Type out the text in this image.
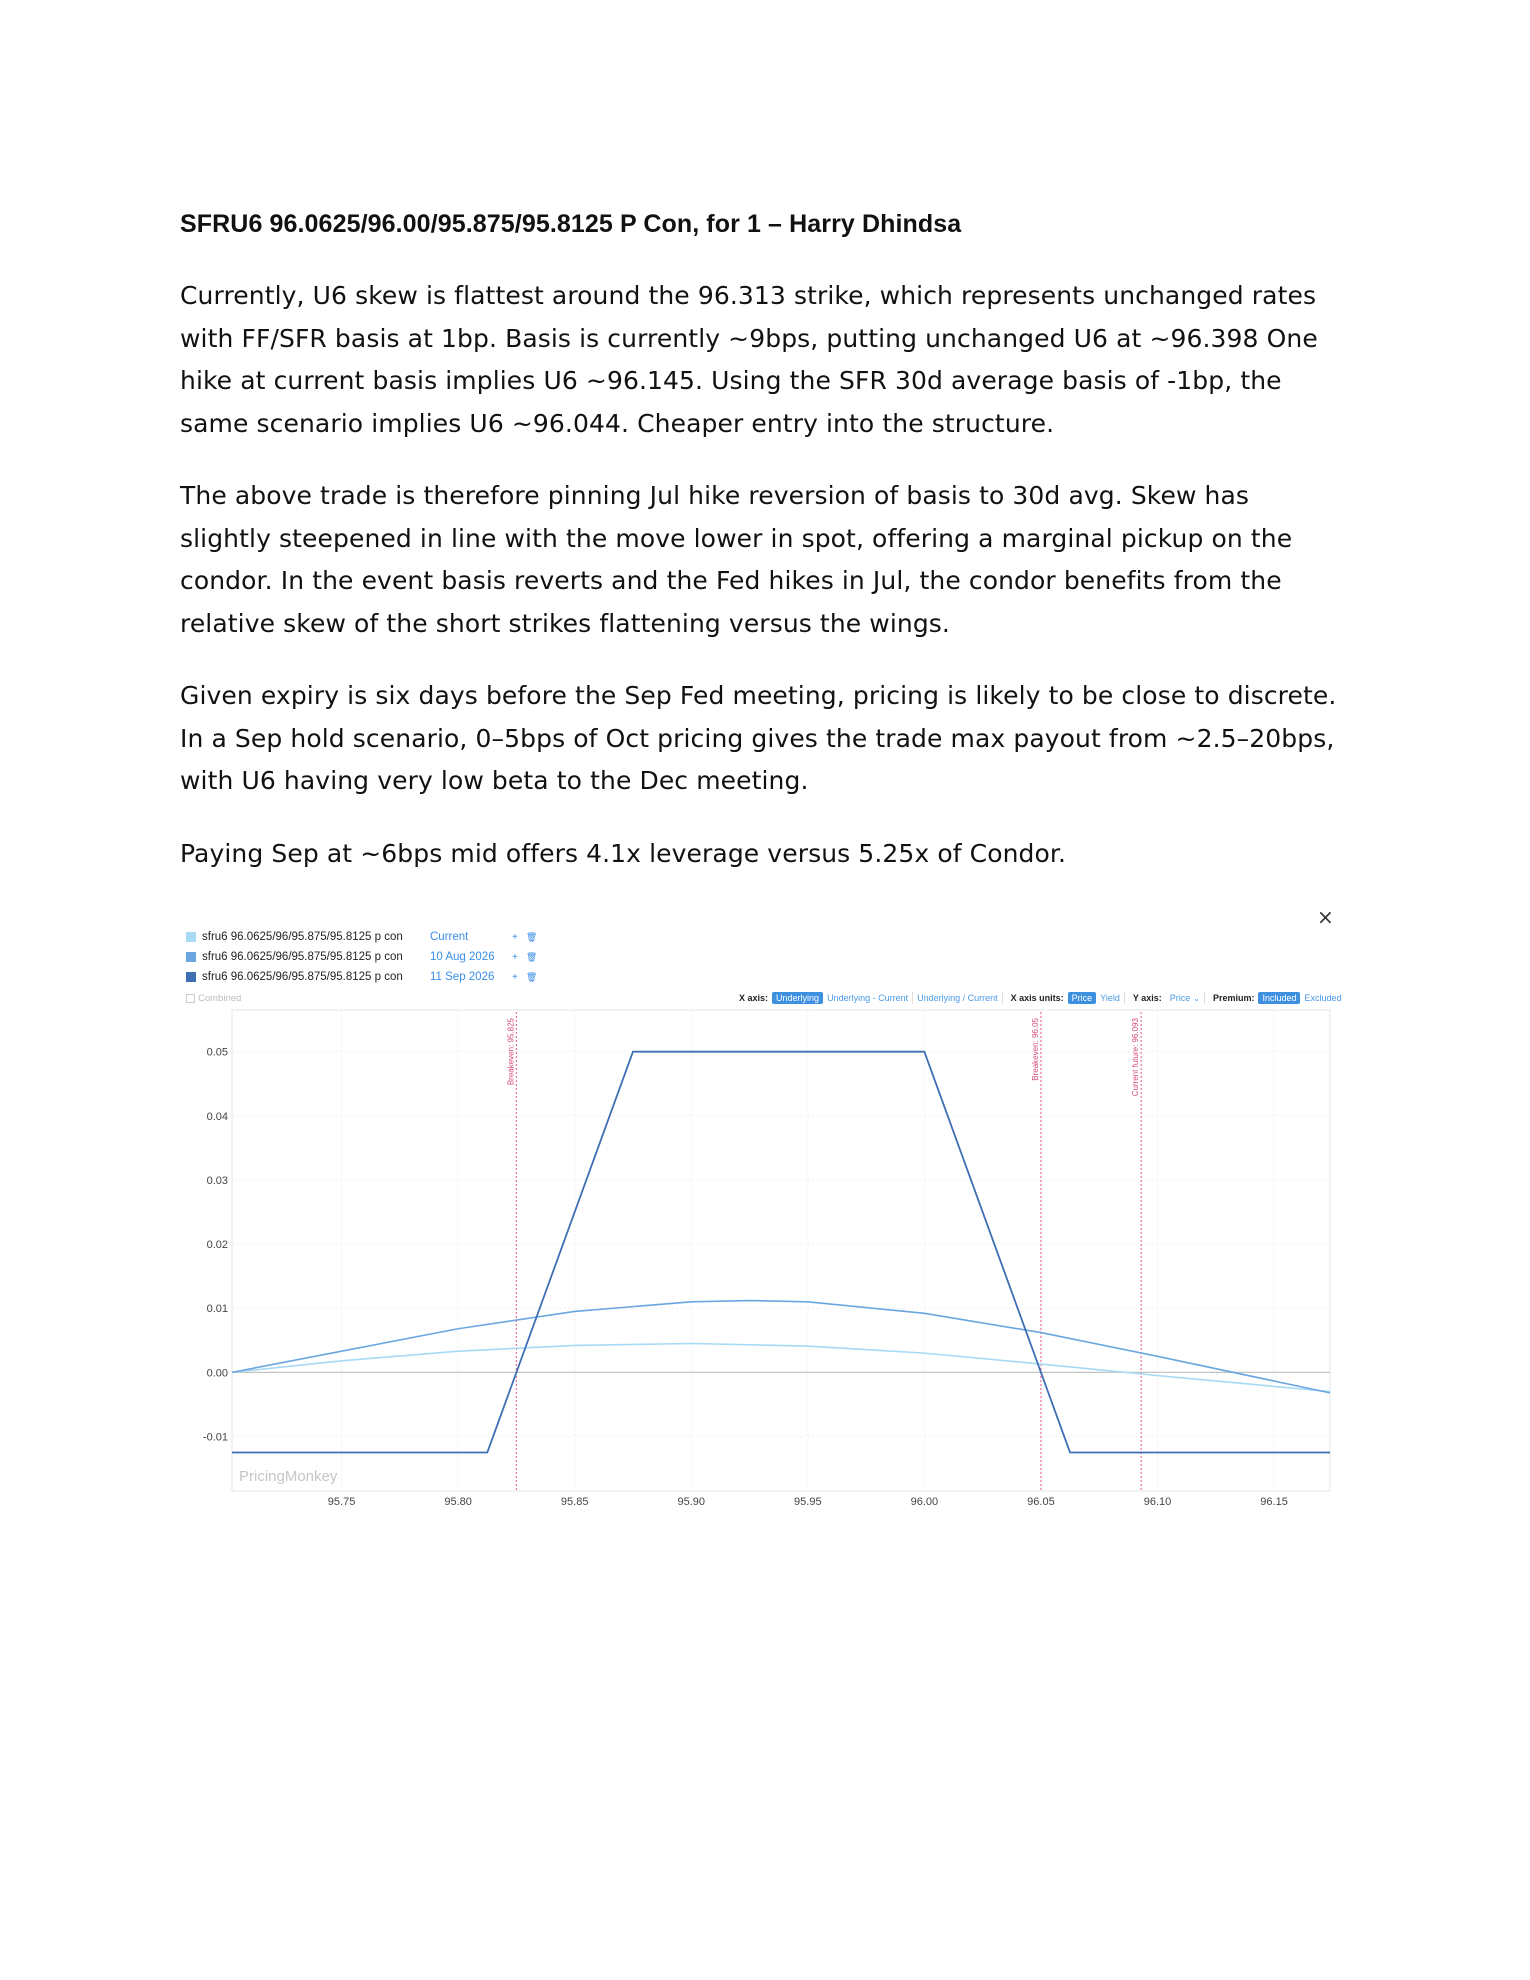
SFRU6 96.0625/96.00/95.875/95.8125 P Con, for 1 – Harry Dhindsa

Currently, U6 skew is flattest around the 96.313 strike, which represents unchanged rates with FF/SFR basis at 1bp. Basis is currently ~9bps, putting unchanged U6 at ~96.398 One hike at current basis implies U6 ~96.145. Using the SFR 30d average basis of -1bp, the same scenario implies U6 ~96.044. Cheaper entry into the structure.

The above trade is therefore pinning Jul hike reversion of basis to 30d avg. Skew has slightly steepened in line with the move lower in spot, offering a marginal pickup on the condor. In the event basis reverts and the Fed hikes in Jul, the condor benefits from the relative skew of the short strikes flattening versus the wings.

Given expiry is six days before the Sep Fed meeting, pricing is likely to be close to discrete. In a Sep hold scenario, 0–5bps of Oct pricing gives the trade max payout from ~2.5–20bps, with U6 having very low beta to the Dec meeting.

Paying Sep at ~6bps mid offers 4.1x leverage versus 5.25x of Condor.

×
sfru6 96.0625/96/95.875/95.8125 p con	Current	+ 🗑
sfru6 96.0625/96/95.875/95.8125 p con	10 Aug 2026	+ 🗑
sfru6 96.0625/96/95.875/95.8125 p con	11 Sep 2026	+ 🗑
Combined	X axis: Underlying Underlying - Current	Underlying / Current	X axis units: Price Yield	Y axis: Price ⌄	Premium: Included Excluded
95.75	95.80	95.85	95.90	95.95	96.00	96.05	96.10	96.15
-0.01
0.00
0.01
0.02
0.03
0.04
0.05	Breakeven: 95.825	Breakeven: 96.05	Current future: 96.093
PricingMonkey
